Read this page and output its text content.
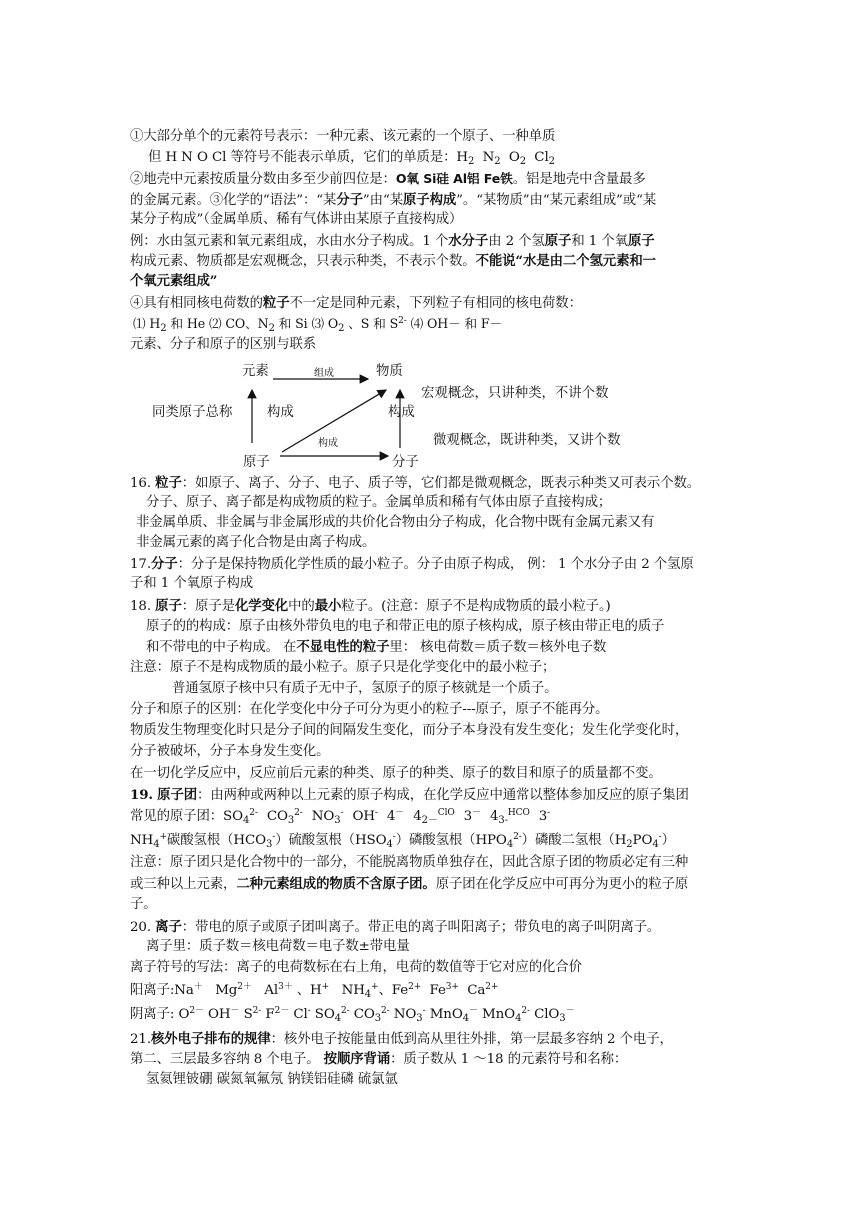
①大部分单个的元素符号表示：一种元素、该元素的一个原子、一种单质
但 H N O Cl 等符号不能表示单质，它们的单质是：$H_2$ $N_2$ $O_2$ $Cl_2$
②地壳中元素按质量分数由多至少前四位是：O氧 Si硅 Al铝 Fe铁。铝是地壳中含量最多
的金属元素。③化学的“语法”：“某分子”由“某原子构成”。“某物质”由“某元素组成”或“某
某分子构成”（金属单质、稀有气体讲由某原子直接构成）
例：水由氢元素和氧元素组成，水由水分子构成。1 个水分子由 2 个氢原子和 1 个氧原子
构成元素、物质都是宏观概念，只表示种类，不表示个数。不能说“水是由二个氢元素和一
个氧元素组成”
④具有相同核电荷数的粒子不一定是同种元素，下列粒子有相同的核电荷数：
⑴ $H_2$ 和 He ⑵ CO、$N_2$ 和 Si ⑶ $O_2$ 、S 和 $S^{2-}$ ⑷ OH－ 和 F－
元素、分子和原子的区别与联系
元素	物质
组成
同类原子总称	构成	构成
构成
宏观概念，只讲种类，不讲个数
微观概念，既讲种类，又讲个数
原子	分子
16. 粒子：如原子、离子、分子、电子、质子等，它们都是微观概念，既表示种类又可表示个数。
分子、原子、离子都是构成物质的粒子。金属单质和稀有气体由原子直接构成；
非金属单质、非金属与非金属形成的共价化合物由分子构成，化合物中既有金属元素又有
非金属元素的离子化合物是由离子构成。
17.分子：分子是保持物质化学性质的最小粒子。分子由原子构成， 例： 1 个水分子由 2 个氢原
子和 1 个氧原子构成
18. 原子：原子是化学变化中的最小粒子。(注意：原子不是构成物质的最小粒子。)
原子的的构成：原子由核外带负电的电子和带正电的原子核构成，原子核由带正电的质子
和不带电的中子构成。 在不显电性的粒子里： 核电荷数＝质子数＝核外电子数
注意：原子不是构成物质的最小粒子。原子只是化学变化中的最小粒子；
普通氢原子核中只有质子无中子，氢原子的原子核就是一个质子。
分子和原子的区别：在化学变化中分子可分为更小的粒子---原子，原子不能再分。
物质发生物理变化时只是分子间的间隔发生变化，而分子本身没有发生变化；发生化学变化时，
分子被破坏，分子本身发生变化。
在一切化学反应中，反应前后元素的种类、原子的种类、原子的数目和原子的质量都不变。
19. 原子团：由两种或两种以上元素的原子构成，在化学反应中通常以整体参加反应的原子集团
常见的原子团：$SO_4^{2-}$ $CO_3^{2-}$ $NO_3^-$ OH- 4－ $4_{2-}^{ClO}$ 3－ $4_{3-}^{HCO}$ 3-
$NH_4^+$碳酸氢根$(HCO_3^-)$硫酸氢根$(HSO_4^-)$磷酸氢根$(HPO_4^{2-})$磷酸二氢根$(H_2PO_4^-)$
注意：原子团只是化合物中的一部分，不能脱离物质单独存在，因此含原子团的物质必定有三种
或三种以上元素，二种元素组成的物质不含原子团。原子团在化学反应中可再分为更小的粒子原
子。
20. 离子：带电的原子或原子团叫离子。带正电的离子叫阳离子；带负电的离子叫阴离子。
离子里：质子数＝核电荷数＝电子数±带电量
离子符号的写法：离子的电荷数标在右上角，电荷的数值等于它对应的化合价
阳离子:Na＋ $Mg^{2+}$ $Al^{3+}$ 、H+ $NH_4^+$、$Fe^{2+}$ $Fe^{3+}$ $Ca^{2+}$
阴离子: $O^{2-}$ OH－ $S^{2-}$ $F^{2-}$ Cl- $SO_4^{2-}$ $CO_3^{2-}$ $NO_3^-$ MnO$_4$－ MnO$_4^{2-}$ ClO$_3$－
21.核外电子排布的规律：核外电子按能量由低到高从里往外排，第一层最多容纳 2 个电子，
第二、三层最多容纳 8 个电子。 按顺序背诵：质子数从 1 ～18 的元素符号和名称：
氢氦锂铍硼 碳氮氧氟氖 钠镁铝硅磷 硫氯氩
